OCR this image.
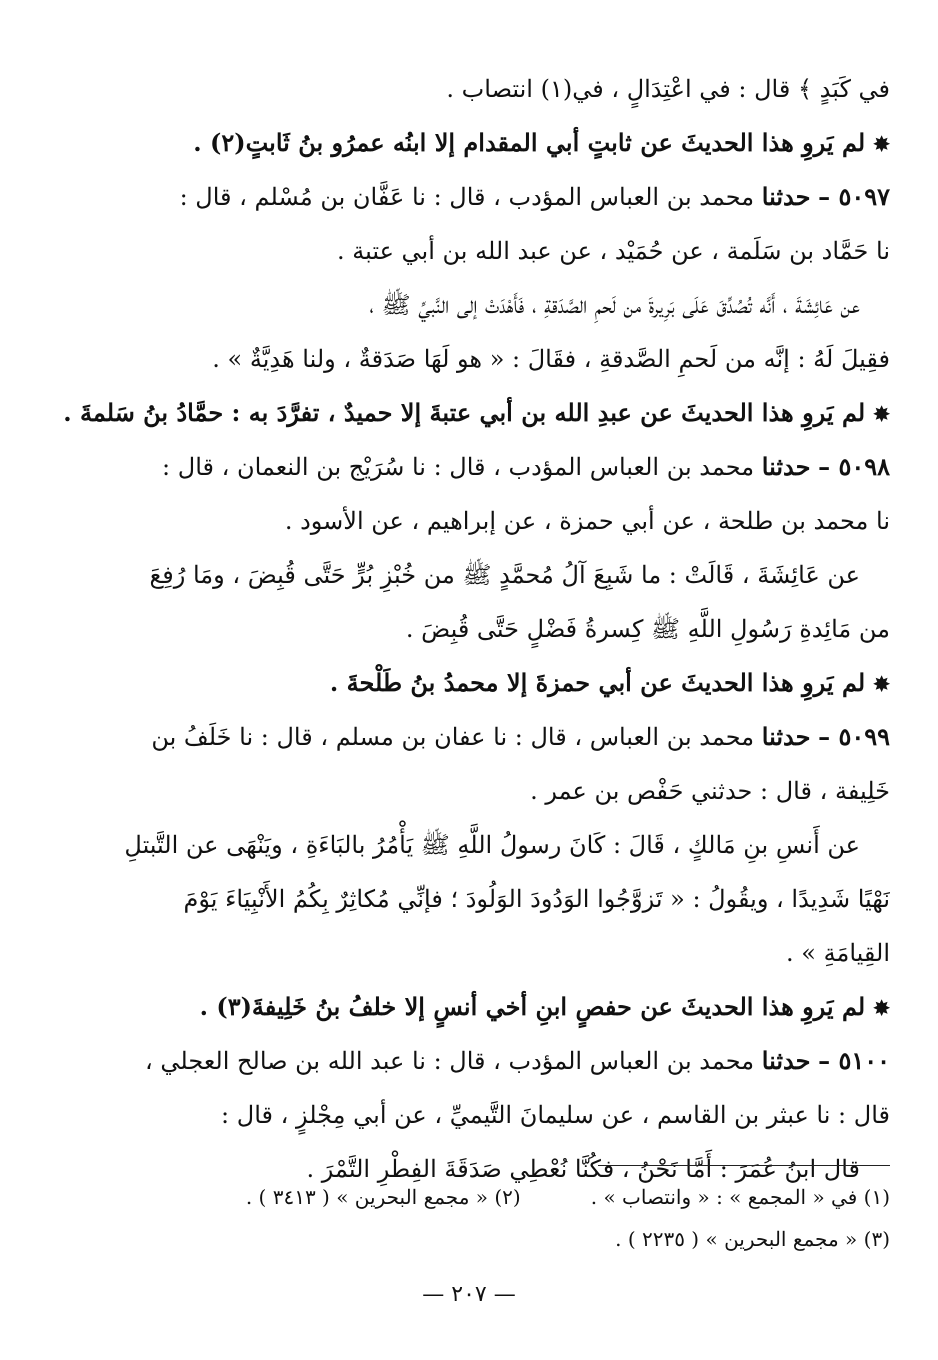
في كَبَدٍ ﴾ قال : في اعْتِدَالٍ ، في(١) انتصاب .
✸لم يَروِ هذا الحديثَ عن ثابتٍ أبي المقدام إلا ابنُه عمرُو بنُ ثَابتٍ(٢) .
٥٠٩٧ – حدثنا محمد بن العباس المؤدب ، قال : نا عَفَّان بن مُسْلم ، قال :
نا حَمَّاد بن سَلَمة ، عن حُمَيْد ، عن عبد الله بن أبي عتبة .
عن عَائِشَةَ ، أَنَّه تُصُدِّقَ عَلَى بَرِيرةَ من لَحمِ الصَّدَقةِ ، فَأَهْدَتْ إلى النَّبيِّ ﷺ ،
فقِيلَ لَهُ : إنَّه من لَحمِ الصَّدقةِ ، فقَالَ : « هو لَهَا صَدَقةٌ ، ولنا هَدِيَّةٌ » .
✸لم يَروِ هذا الحديثَ عن عبدِ الله بن أبي عتبةَ إلا حميدٌ ، تفرَّدَ به : حمَّادُ بنُ سَلمةَ .
٥٠٩٨ – حدثنا محمد بن العباس المؤدب ، قال : نا سُرَيْج بن النعمان ، قال :
نا محمد بن طلحة ، عن أبي حمزة ، عن إبراهيم ، عن الأسود .
عن عَائِشَةَ ، قَالَتْ : ما شَبِعَ آلُ مُحمَّدٍ ﷺ من خُبْزِ بُرٍّ حَتَّى قُبِضَ ، ومَا رُفِعَ
من مَائِدةِ رَسُولِ اللَّهِ ﷺ كِسرةُ فَضْلٍ حَتَّى قُبِضَ .
✸لم يَروِ هذا الحديثَ عن أبي حمزةَ إلا محمدُ بنُ طَلْحةَ .
٥٠٩٩ – حدثنا محمد بن العباس ، قال : نا عفان بن مسلم ، قال : نا خَلَفُ بن
خَلِيفة ، قال : حدثني حَفْص بن عمر .
عن أَنسِ بنِ مَالكٍ ، قَالَ : كَانَ رسولُ اللَّهِ ﷺ يَأْمُرُ بالبَاءَةِ ، ويَنْهَى عن التَّبتلِ
نَهْيًا شَدِيدًا ، ويقُولُ : « تَزوَّجُوا الوَدُودَ الوَلُودَ ؛ فإنِّي مُكاثِرٌ بِكُمُ الأَنْبِيَاءَ يَوْمَ
القِيامَةِ » .
✸لم يَروِ هذا الحديثَ عن حفصٍ ابنِ أخي أنسٍ إلا خلفُ بنُ خَلِيفةَ(٣) .
٥١٠٠ – حدثنا محمد بن العباس المؤدب ، قال : نا عبد الله بن صالح العجلي ،
قال : نا عبثر بن القاسم ، عن سليمانَ التَّيميِّ ، عن أبي مِجْلزٍ ، قال :
قال ابنُ عُمَرَ : أَمَّا نَحْنُ ، فكُنَّا نُعْطِي صَدَقَةَ الفِطْرِ التَّمْرَ .
(١) في « المجمع » : « وانتصاب » .
(٢) « مجمع البحرين » ( ٣٤١٣ ) .
(٣) « مجمع البحرين » ( ٢٢٣٥ ) .
— ٢٠٧ —
